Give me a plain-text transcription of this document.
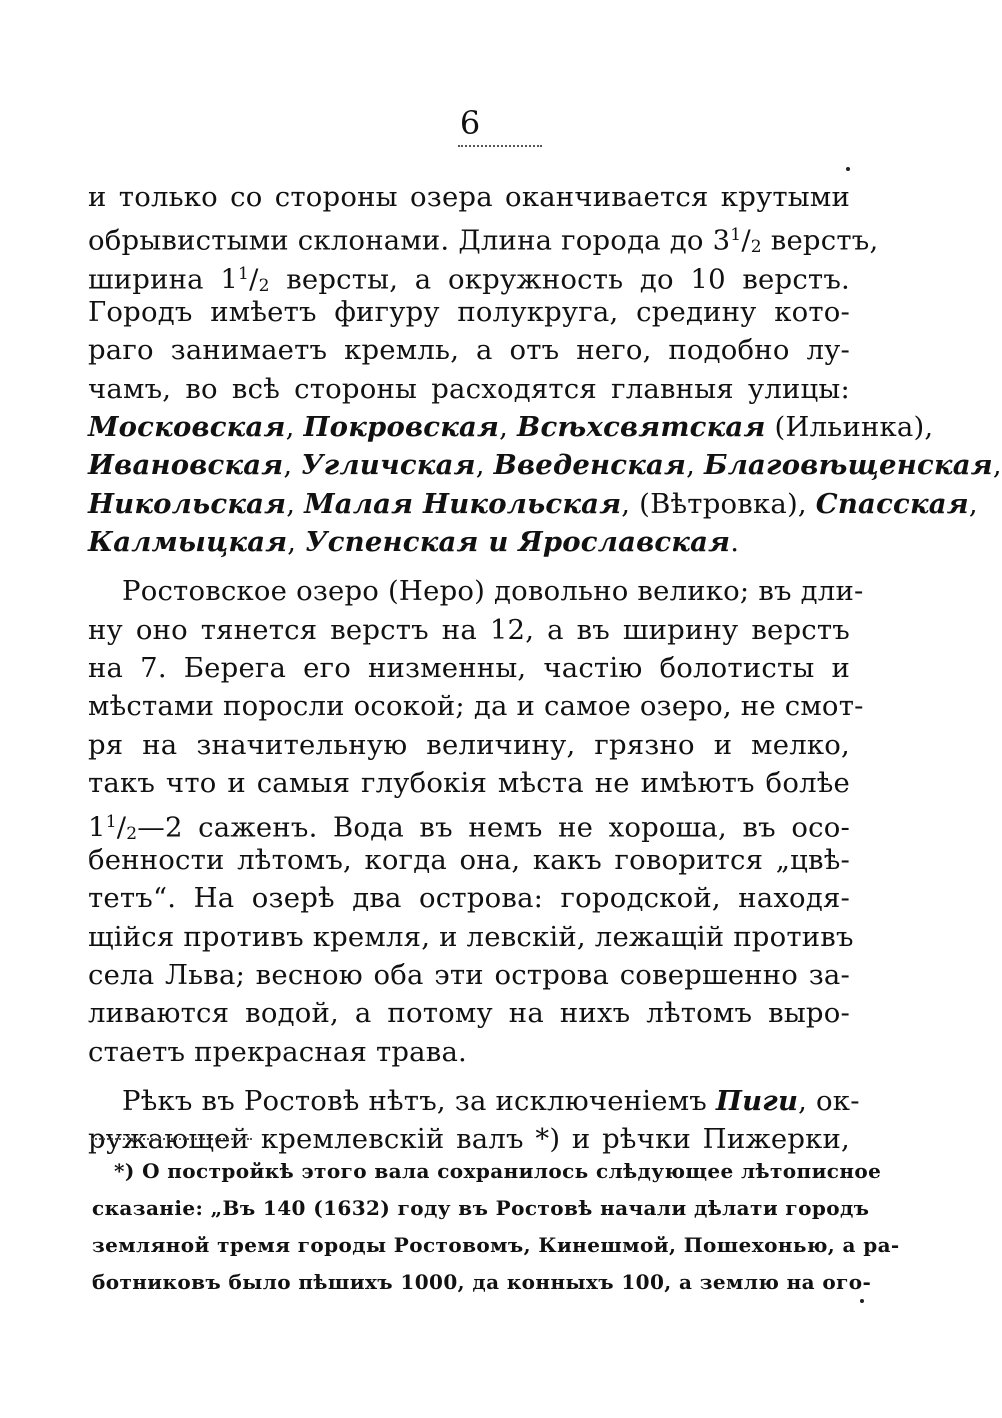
6
и только со стороны озера оканчивается крутыми
обрывистыми склонами. Длина города до $3^1/2$ верстъ,
ширина $1^1/2$ версты, а окружность до 10 верстъ.
Городъ имѣетъ фигуру полукруга, средину кото-
раго занимаетъ кремль, а отъ него, подобно лу-
чамъ, во всѣ стороны расходятся главныя улицы:
Московская, Покровская, Всѣхсвятская (Ильинка),
Ивановская, Угличская, Введенская, Благовѣщенская,
Никольская, Малая Никольская, (Вѣтровка), Спасская,
Калмыцкая, Успенская и Ярославская.
Ростовское озеро (Неро) довольно велико; въ дли-
ну оно тянется верстъ на 12, а въ ширину верстъ
на 7. Берега его низменны, частію болотисты и
мѣстами поросли осокой; да и самое озеро, не смот-
ря на значительную величину, грязно и мелко,
такъ что и самыя глубокія мѣста не имѣютъ болѣе
$1^1/2—2$ саженъ. Вода въ немъ не хороша, въ осо-
бенности лѣтомъ, когда она, какъ говорится „цвѣ-
тетъ“. На озерѣ два острова: городской, находя-
щійся противъ кремля, и левскій, лежащій противъ
села Льва; весною оба эти острова совершенно за-
ливаются водой, а потому на нихъ лѣтомъ выро-
стаетъ прекрасная трава.
Рѣкъ въ Ростовѣ нѣтъ, за исключеніемъ Пиги, ок-
ружающей кремлевскій валъ *) и рѣчки Пижерки,
*) О постройкѣ этого вала сохранилось слѣдующее лѣтописное
сказаніе: „Въ 140 (1632) году въ Ростовѣ начали дѣлати городъ
земляной тремя городы Ростовомъ, Кинешмой, Пошехонью, а ра-
ботниковъ было пѣшихъ 1000, да конныхъ 100, а землю на ого-
